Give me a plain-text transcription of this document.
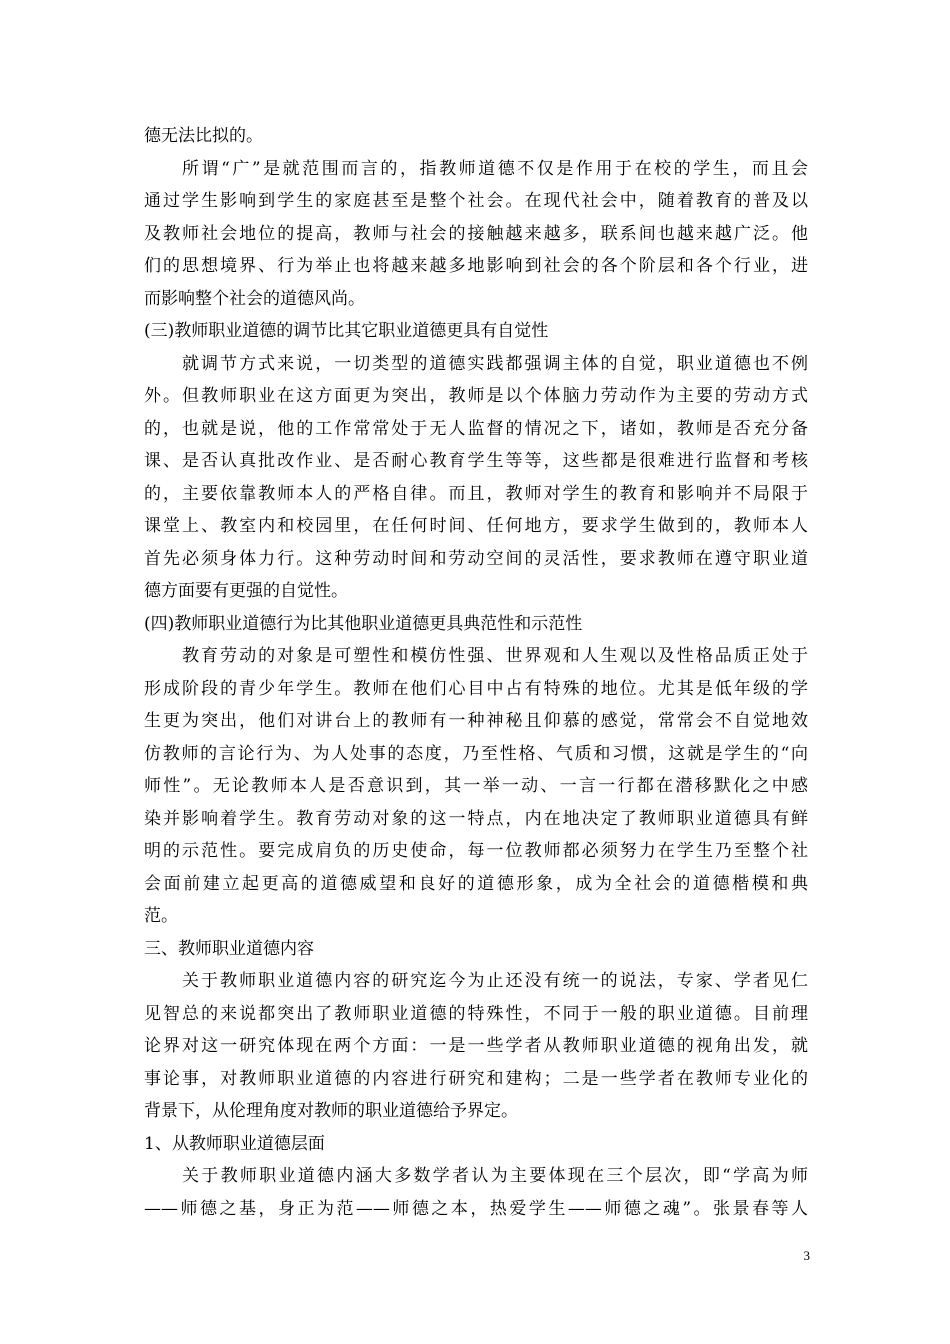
德无法比拟的。
所谓“广”是就范围而言的，指教师道德不仅是作用于在校的学生，而且会
通过学生影响到学生的家庭甚至是整个社会。在现代社会中，随着教育的普及以
及教师社会地位的提高，教师与社会的接触越来越多，联系间也越来越广泛。他
们的思想境界、行为举止也将越来越多地影响到社会的各个阶层和各个行业，进
而影响整个社会的道德风尚。
(三)教师职业道德的调节比其它职业道德更具有自觉性
就调节方式来说，一切类型的道德实践都强调主体的自觉，职业道德也不例
外。但教师职业在这方面更为突出，教师是以个体脑力劳动作为主要的劳动方式
的，也就是说，他的工作常常处于无人监督的情况之下，诸如，教师是否充分备
课、是否认真批改作业、是否耐心教育学生等等，这些都是很难进行监督和考核
的，主要依靠教师本人的严格自律。而且，教师对学生的教育和影响并不局限于
课堂上、教室内和校园里，在任何时间、任何地方，要求学生做到的，教师本人
首先必须身体力行。这种劳动时间和劳动空间的灵活性，要求教师在遵守职业道
德方面要有更强的自觉性。
(四)教师职业道德行为比其他职业道德更具典范性和示范性
教育劳动的对象是可塑性和模仿性强、世界观和人生观以及性格品质正处于
形成阶段的青少年学生。教师在他们心目中占有特殊的地位。尤其是低年级的学
生更为突出，他们对讲台上的教师有一种神秘且仰慕的感觉，常常会不自觉地效
仿教师的言论行为、为人处事的态度，乃至性格、气质和习惯，这就是学生的“向
师性”。无论教师本人是否意识到，其一举一动、一言一行都在潜移默化之中感
染并影响着学生。教育劳动对象的这一特点，内在地决定了教师职业道德具有鲜
明的示范性。要完成肩负的历史使命，每一位教师都必须努力在学生乃至整个社
会面前建立起更高的道德威望和良好的道德形象，成为全社会的道德楷模和典
范。
三、教师职业道德内容
关于教师职业道德内容的研究迄今为止还没有统一的说法，专家、学者见仁
见智总的来说都突出了教师职业道德的特殊性，不同于一般的职业道德。目前理
论界对这一研究体现在两个方面：一是一些学者从教师职业道德的视角出发，就
事论事，对教师职业道德的内容进行研究和建构；二是一些学者在教师专业化的
背景下，从伦理角度对教师的职业道德给予界定。
1、从教师职业道德层面
关于教师职业道德内涵大多数学者认为主要体现在三个层次，即“学高为师
——师德之基，身正为范——师德之本，热爱学生——师德之魂”。张景春等人
3
